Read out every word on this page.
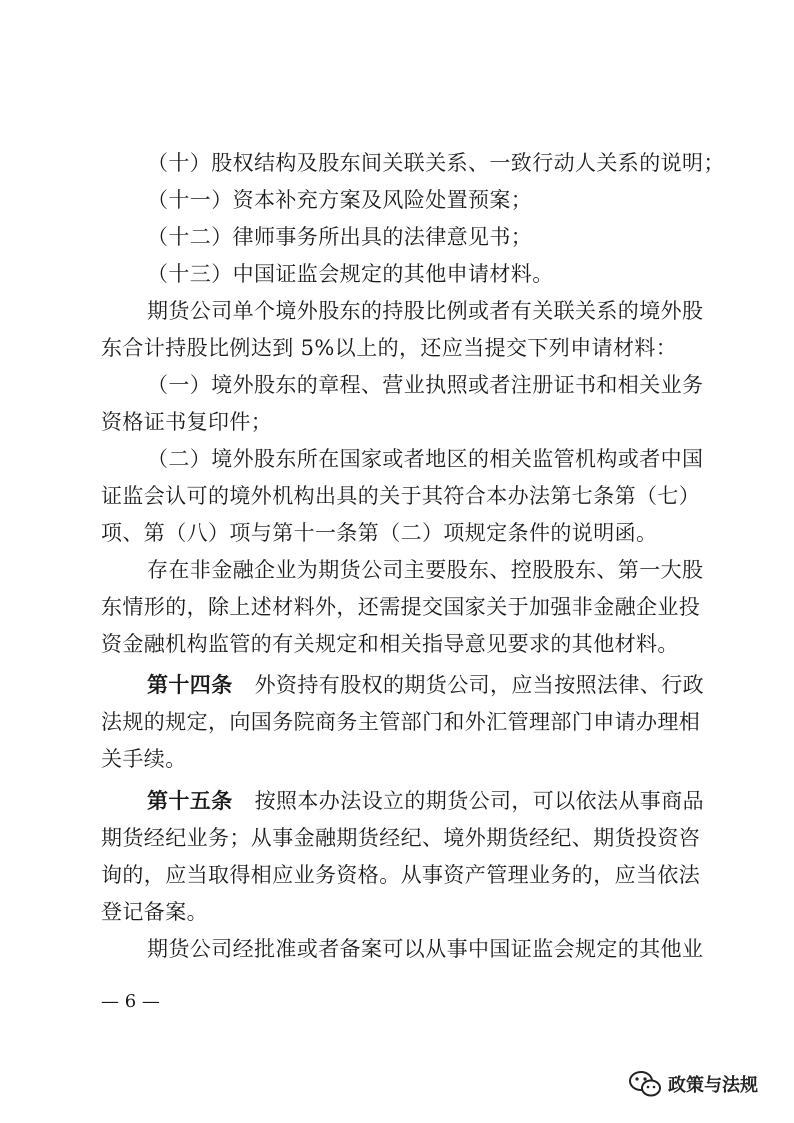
（十）股权结构及股东间关联关系、一致行动人关系的说明；

（十一）资本补充方案及风险处置预案；

（十二）律师事务所出具的法律意见书；

（十三）中国证监会规定的其他申请材料。

期货公司单个境外股东的持股比例或者有关联关系的境外股

东合计持股比例达到 5%以上的，还应当提交下列申请材料：

（一）境外股东的章程、营业执照或者注册证书和相关业务

资格证书复印件；

（二）境外股东所在国家或者地区的相关监管机构或者中国

证监会认可的境外机构出具的关于其符合本办法第七条第（七）

项、第（八）项与第十一条第（二）项规定条件的说明函。

存在非金融企业为期货公司主要股东、控股股东、第一大股

东情形的，除上述材料外，还需提交国家关于加强非金融企业投

资金融机构监管的有关规定和相关指导意见要求的其他材料。

第十四条 外资持有股权的期货公司，应当按照法律、行政

法规的规定，向国务院商务主管部门和外汇管理部门申请办理相

关手续。

第十五条 按照本办法设立的期货公司，可以依法从事商品

期货经纪业务；从事金融期货经纪、境外期货经纪、期货投资咨

询的，应当取得相应业务资格。从事资产管理业务的，应当依法

登记备案。

期货公司经批准或者备案可以从事中国证监会规定的其他业

— 6 —
政策与法规
